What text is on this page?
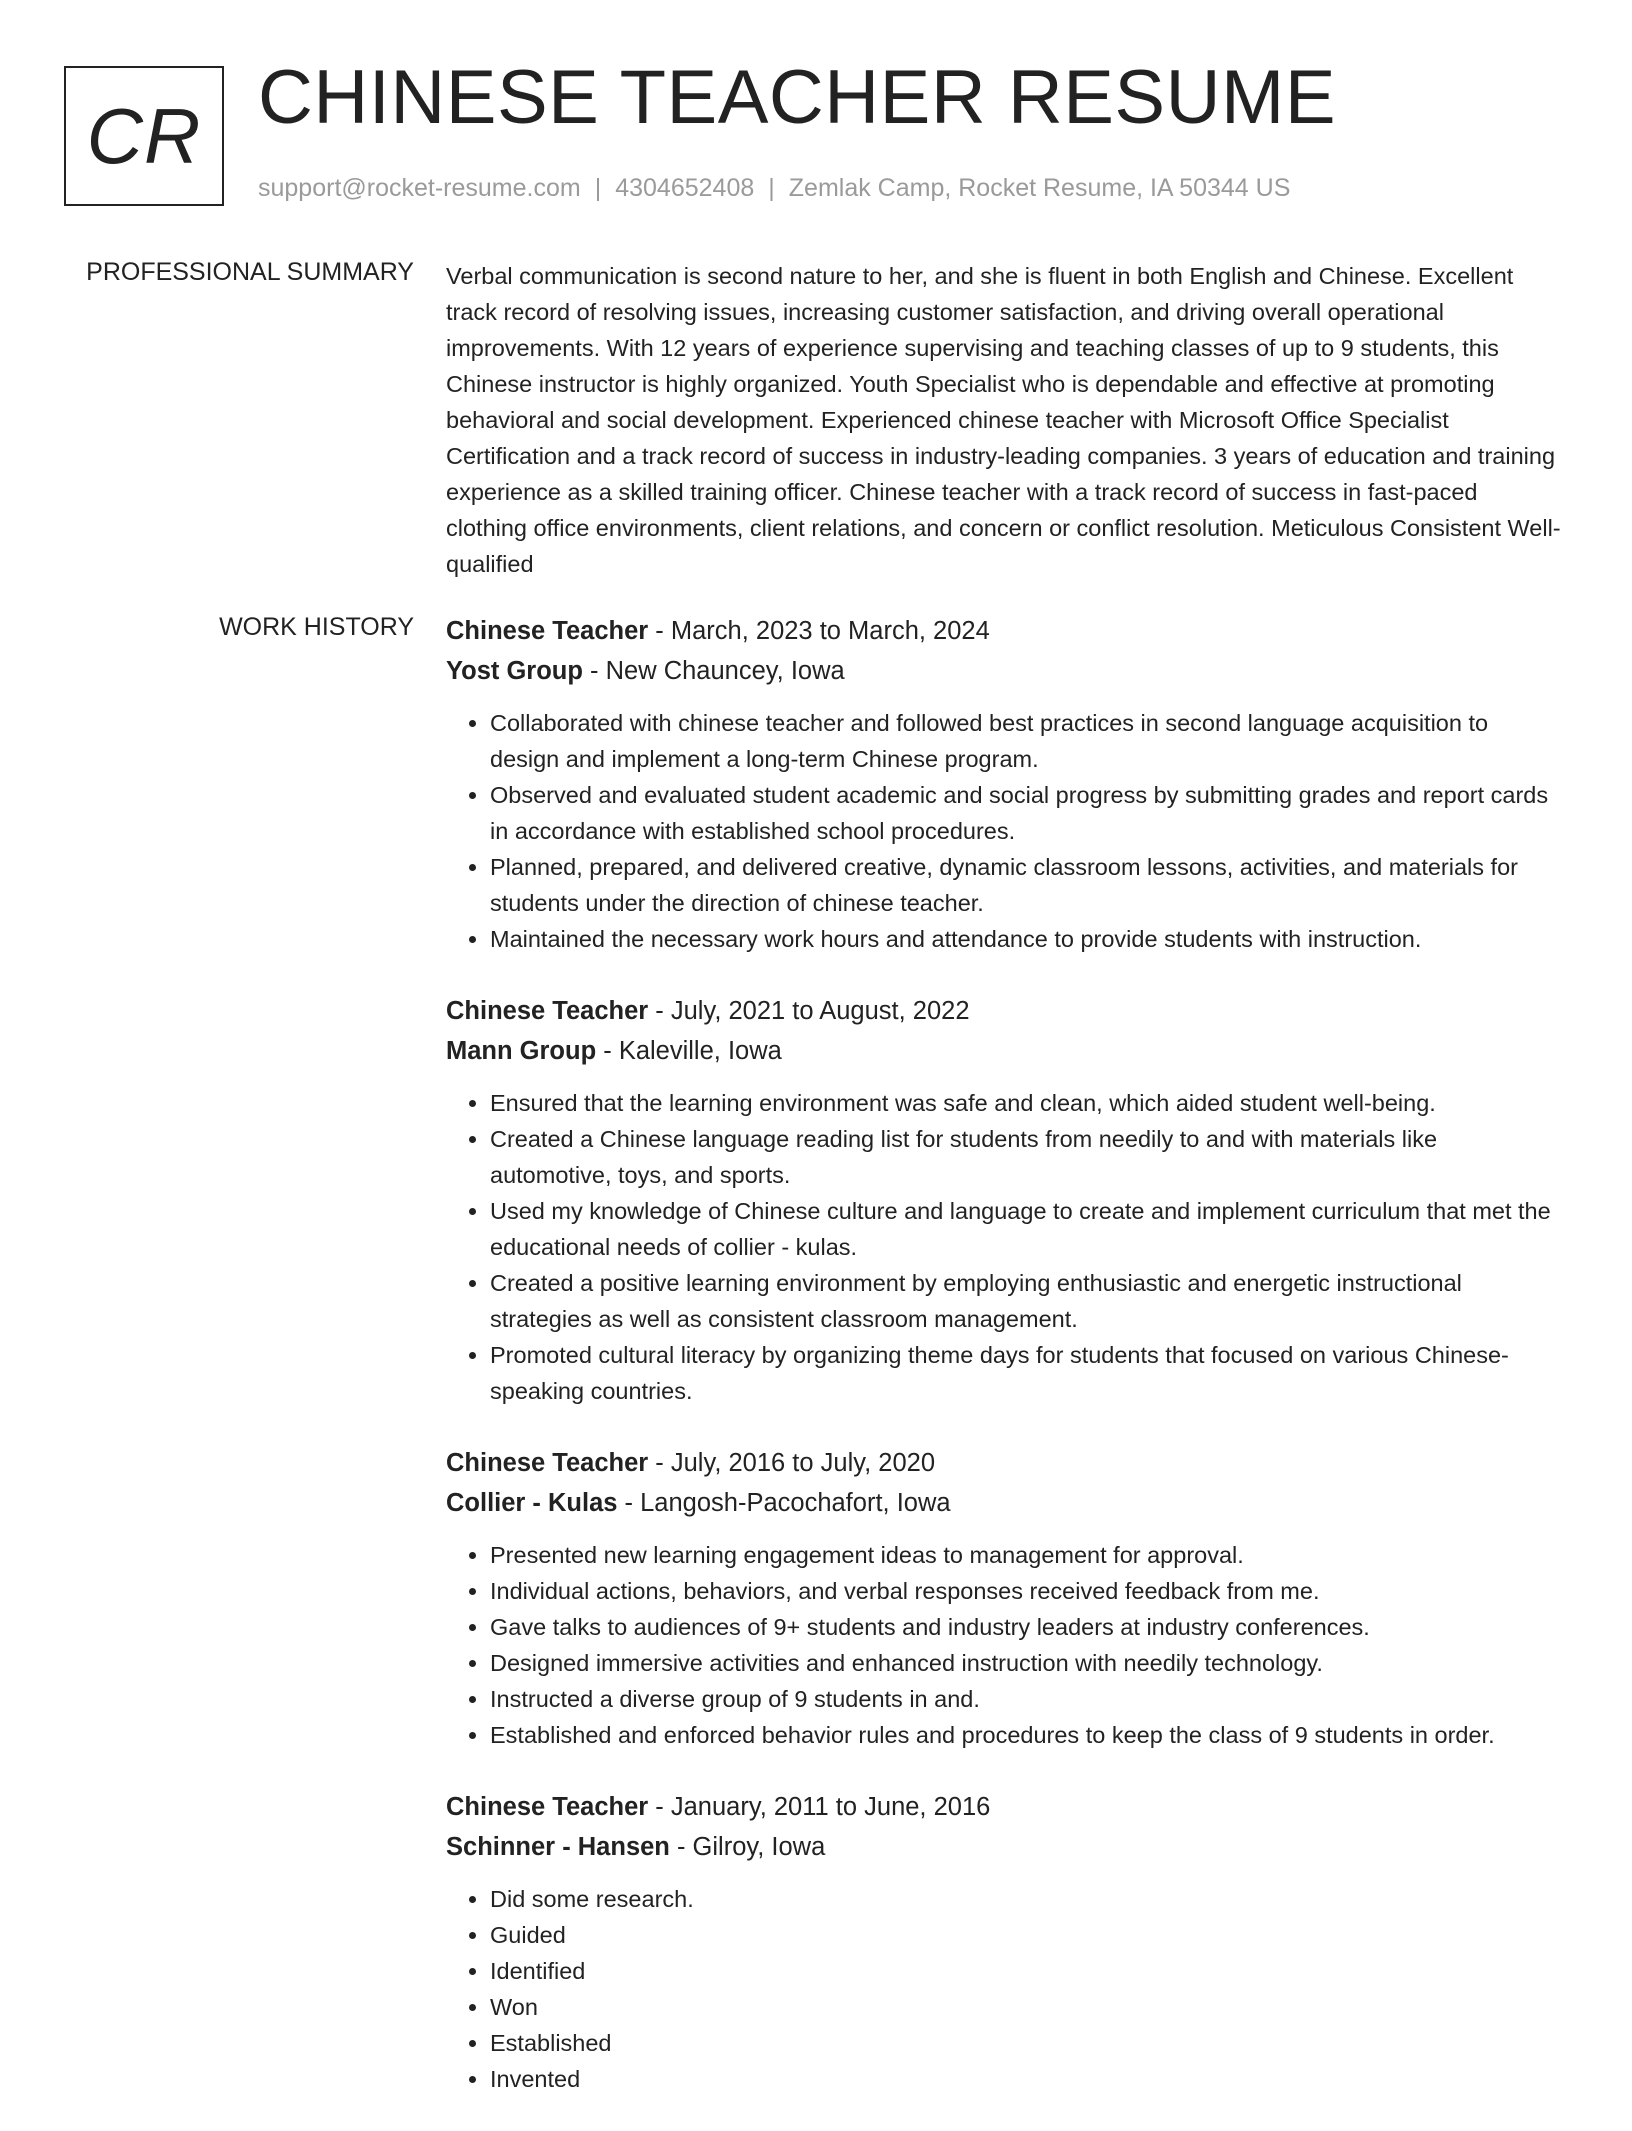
CR CHINESE TEACHER RESUME
support@rocket-resume.com | 4304652408 | Zemlak Camp, Rocket Resume, IA 50344 US
PROFESSIONAL SUMMARY Verbal communication is second nature to her, and she is fluent in both English and Chinese. Excellent track record of resolving issues, increasing customer satisfaction, and driving overall operational improvements. With 12 years of experience supervising and teaching classes of up to 9 students, this Chinese instructor is highly organized. Youth Specialist who is dependable and effective at promoting behavioral and social development. Experienced chinese teacher with Microsoft Office Specialist Certification and a track record of success in industry-leading companies. 3 years of education and training experience as a skilled training officer. Chinese teacher with a track record of success in fast-paced clothing office environments, client relations, and concern or conflict resolution. Meticulous Consistent Well-qualified

WORK HISTORY Chinese Teacher - March, 2023 to March, 2024
Yost Group - New Chauncey, Iowa
• Collaborated with chinese teacher and followed best practices in second language acquisition to design and implement a long-term Chinese program.
• Observed and evaluated student academic and social progress by submitting grades and report cards in accordance with established school procedures.
• Planned, prepared, and delivered creative, dynamic classroom lessons, activities, and materials for students under the direction of chinese teacher.
• Maintained the necessary work hours and attendance to provide students with instruction.
Chinese Teacher - July, 2021 to August, 2022
Mann Group - Kaleville, Iowa
• Ensured that the learning environment was safe and clean, which aided student well-being.
• Created a Chinese language reading list for students from needily to and with materials like automotive, toys, and sports.
• Used my knowledge of Chinese culture and language to create and implement curriculum that met the educational needs of collier - kulas.
• Created a positive learning environment by employing enthusiastic and energetic instructional strategies as well as consistent classroom management.
• Promoted cultural literacy by organizing theme days for students that focused on various Chinese-speaking countries.
Chinese Teacher - July, 2016 to July, 2020
Collier - Kulas - Langosh-Pacochafort, Iowa
• Presented new learning engagement ideas to management for approval.
• Individual actions, behaviors, and verbal responses received feedback from me.
• Gave talks to audiences of 9+ students and industry leaders at industry conferences.
• Designed immersive activities and enhanced instruction with needily technology.
• Instructed a diverse group of 9 students in and.
• Established and enforced behavior rules and procedures to keep the class of 9 students in order.
Chinese Teacher - January, 2011 to June, 2016
Schinner - Hansen - Gilroy, Iowa
• Did some research.
• Guided
• Identified
• Won
• Established
• Invented
